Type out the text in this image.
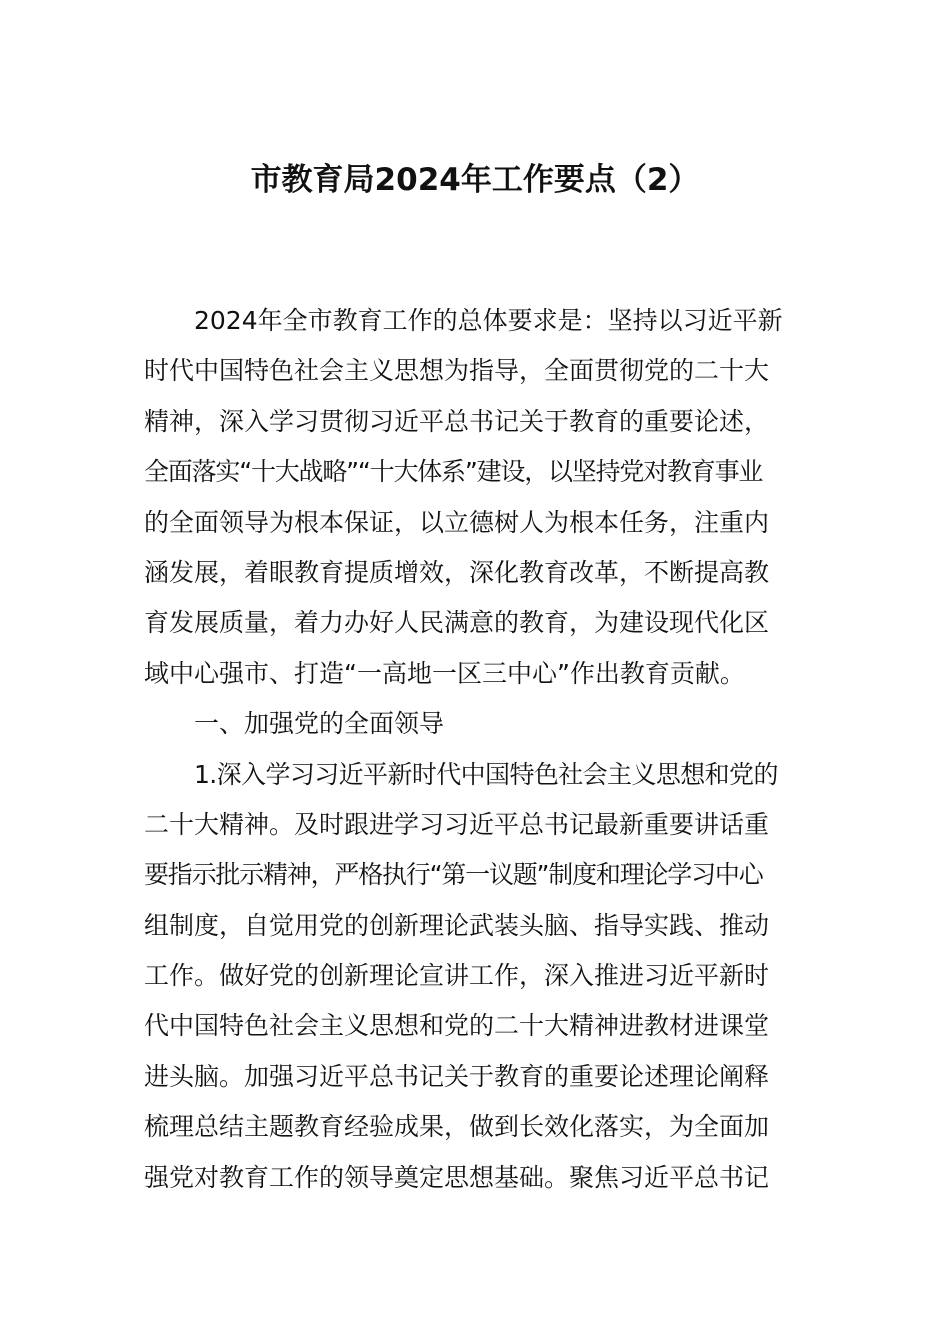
市教育局2024年工作要点（2）
2024年全市教育工作的总体要求是：坚持以习近平新
时代中国特色社会主义思想为指导，全面贯彻党的二十大
精神，深入学习贯彻习近平总书记关于教育的重要论述，
全面落实“十大战略”“十大体系”建设，以坚持党对教育事业
的全面领导为根本保证，以立德树人为根本任务，注重内
涵发展，着眼教育提质增效，深化教育改革，不断提高教
育发展质量，着力办好人民满意的教育，为建设现代化区
域中心强市、打造“一高地一区三中心”作出教育贡献。
一、加强党的全面领导
1.深入学习习近平新时代中国特色社会主义思想和党的
二十大精神。及时跟进学习习近平总书记最新重要讲话重
要指示批示精神，严格执行“第一议题”制度和理论学习中心
组制度，自觉用党的创新理论武装头脑、指导实践、推动
工作。做好党的创新理论宣讲工作，深入推进习近平新时
代中国特色社会主义思想和党的二十大精神进教材进课堂
进头脑。加强习近平总书记关于教育的重要论述理论阐释
梳理总结主题教育经验成果，做到长效化落实，为全面加
强党对教育工作的领导奠定思想基础。聚焦习近平总书记
